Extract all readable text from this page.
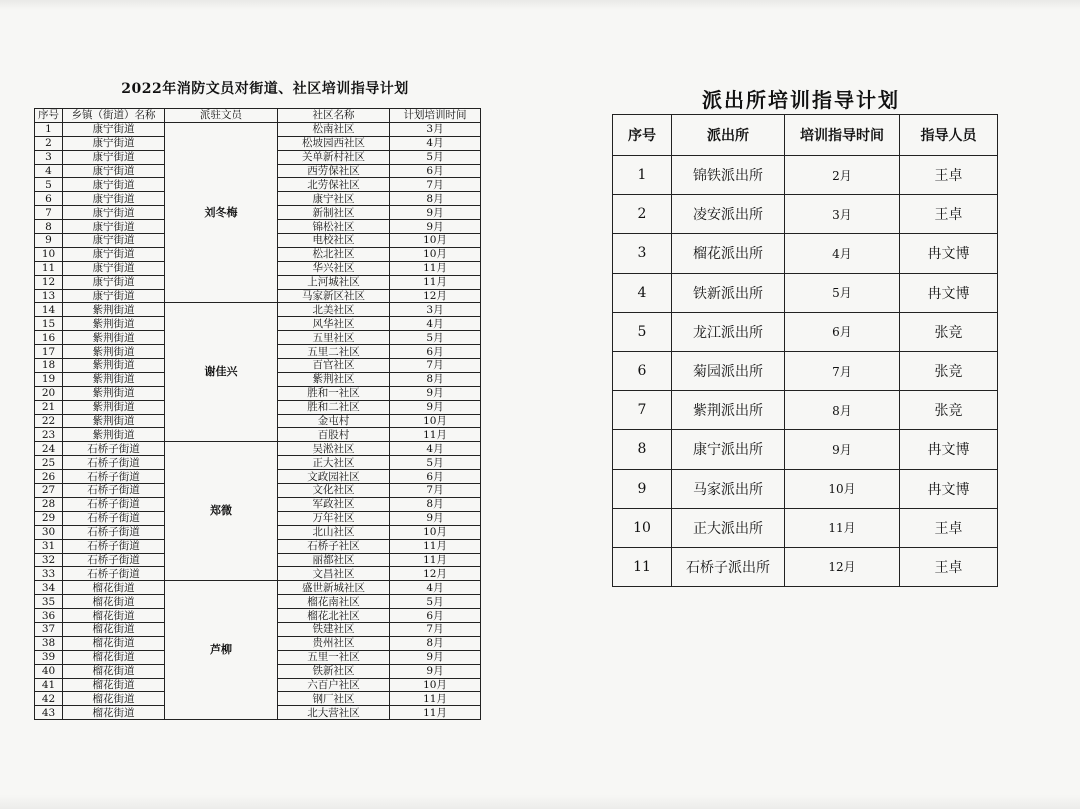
2022年消防文员对街道、社区培训指导计划	派出所培训指导计划
序号	乡镇（街道）名称	派驻文员	社区名称	计划培训时间
1	康宁街道	刘冬梅	松南社区	3月
2	康宁街道		松坡园西社区	4月
3	康宁街道		关单新村社区	5月
4	康宁街道		西劳保社区	6月
5	康宁街道		北劳保社区	7月
6	康宁街道		康宁社区	8月
7	康宁街道		新制社区	9月
8	康宁街道		锦松社区	9月
9	康宁街道		电校社区	10月
10	康宁街道		松北社区	10月
11	康宁街道		华兴社区	11月
12	康宁街道		上河城社区	11月
13	康宁街道		马家新区社区	12月
14	紫荆街道	谢佳兴	北美社区	3月
15	紫荆街道		风华社区	4月
16	紫荆街道		五里社区	5月
17	紫荆街道		五里二社区	6月
18	紫荆街道		百官社区	7月
19	紫荆街道		紫荆社区	8月
20	紫荆街道		胜和一社区	9月
21	紫荆街道		胜和二社区	9月
22	紫荆街道		金屯村	10月
23	紫荆街道		百股村	11月
24	石桥子街道	郑微	吴淞社区	4月
25	石桥子街道		正大社区	5月
26	石桥子街道		文政园社区	6月
27	石桥子街道		文化社区	7月
28	石桥子街道		军政社区	8月
29	石桥子街道		万年社区	9月
30	石桥子街道		北山社区	10月
31	石桥子街道		石桥子社区	11月
32	石桥子街道		丽都社区	11月
33	石桥子街道		文昌社区	12月
34	榴花街道	芦柳	盛世新城社区	4月
35	榴花街道		榴花南社区	5月
36	榴花街道		榴花北社区	6月
37	榴花街道		铁建社区	7月
38	榴花街道		贵州社区	8月
39	榴花街道		五里一社区	9月
40	榴花街道		铁新社区	9月
41	榴花街道		六百户社区	10月
42	榴花街道		钢厂社区	11月
43	榴花街道		北大营社区	11月
序号	派出所	培训指导时间	指导人员
1	锦铁派出所	2月	王卓
2	凌安派出所	3月	王卓
3	榴花派出所	4月	冉文博
4	铁新派出所	5月	冉文博
5	龙江派出所	6月	张竞
6	菊园派出所	7月	张竞
7	紫荆派出所	8月	张竞
8	康宁派出所	9月	冉文博
9	马家派出所	10月	冉文博
10	正大派出所	11月	王卓
11	石桥子派出所	12月	王卓
